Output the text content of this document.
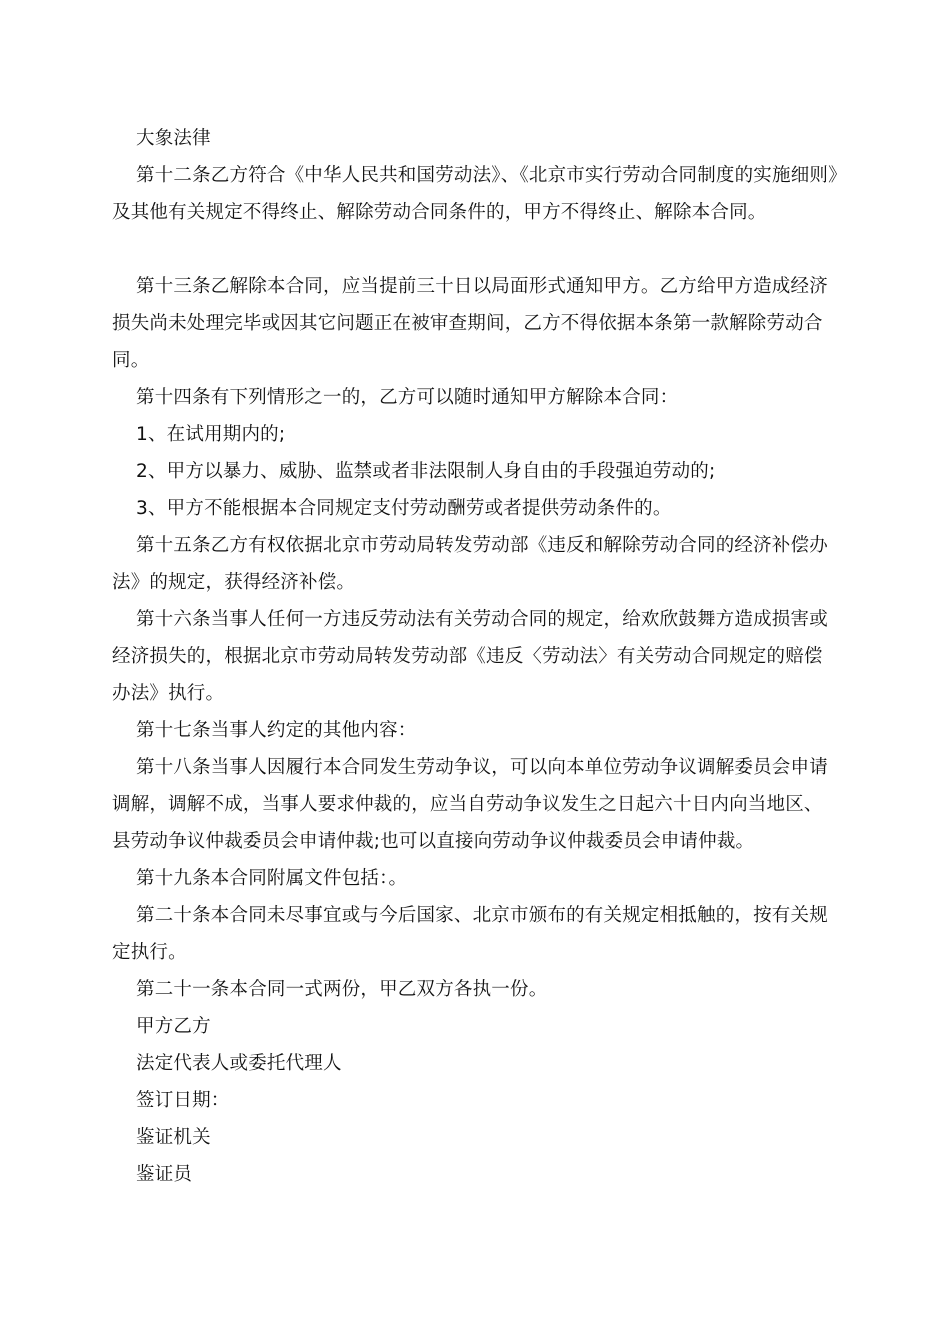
大象法律

第十二条乙方符合《中华人民共和国劳动法》、《北京市实行劳动合同制度的实施细则》及其他有关规定不得终止、解除劳动合同条件的，甲方不得终止、解除本合同。

第十三条乙解除本合同，应当提前三十日以局面形式通知甲方。乙方给甲方造成经济损失尚未处理完毕或因其它问题正在被审查期间，乙方不得依据本条第一款解除劳动合同。

第十四条有下列情形之一的，乙方可以随时通知甲方解除本合同：

1、在试用期内的;

2、甲方以暴力、威胁、监禁或者非法限制人身自由的手段强迫劳动的;

3、甲方不能根据本合同规定支付劳动酬劳或者提供劳动条件的。

第十五条乙方有权依据北京市劳动局转发劳动部《违反和解除劳动合同的经济补偿办法》的规定，获得经济补偿。

第十六条当事人任何一方违反劳动法有关劳动合同的规定，给欢欣鼓舞方造成损害或经济损失的，根据北京市劳动局转发劳动部《违反〈劳动法〉有关劳动合同规定的赔偿办法》执行。

第十七条当事人约定的其他内容：

第十八条当事人因履行本合同发生劳动争议，可以向本单位劳动争议调解委员会申请调解，调解不成，当事人要求仲裁的，应当自劳动争议发生之日起六十日内向当地区、县劳动争议仲裁委员会申请仲裁;也可以直接向劳动争议仲裁委员会申请仲裁。

第十九条本合同附属文件包括：。

第二十条本合同未尽事宜或与今后国家、北京市颁布的有关规定相抵触的，按有关规定执行。

第二十一条本合同一式两份，甲乙双方各执一份。

甲方乙方

法定代表人或委托代理人

签订日期：

鉴证机关

鉴证员
